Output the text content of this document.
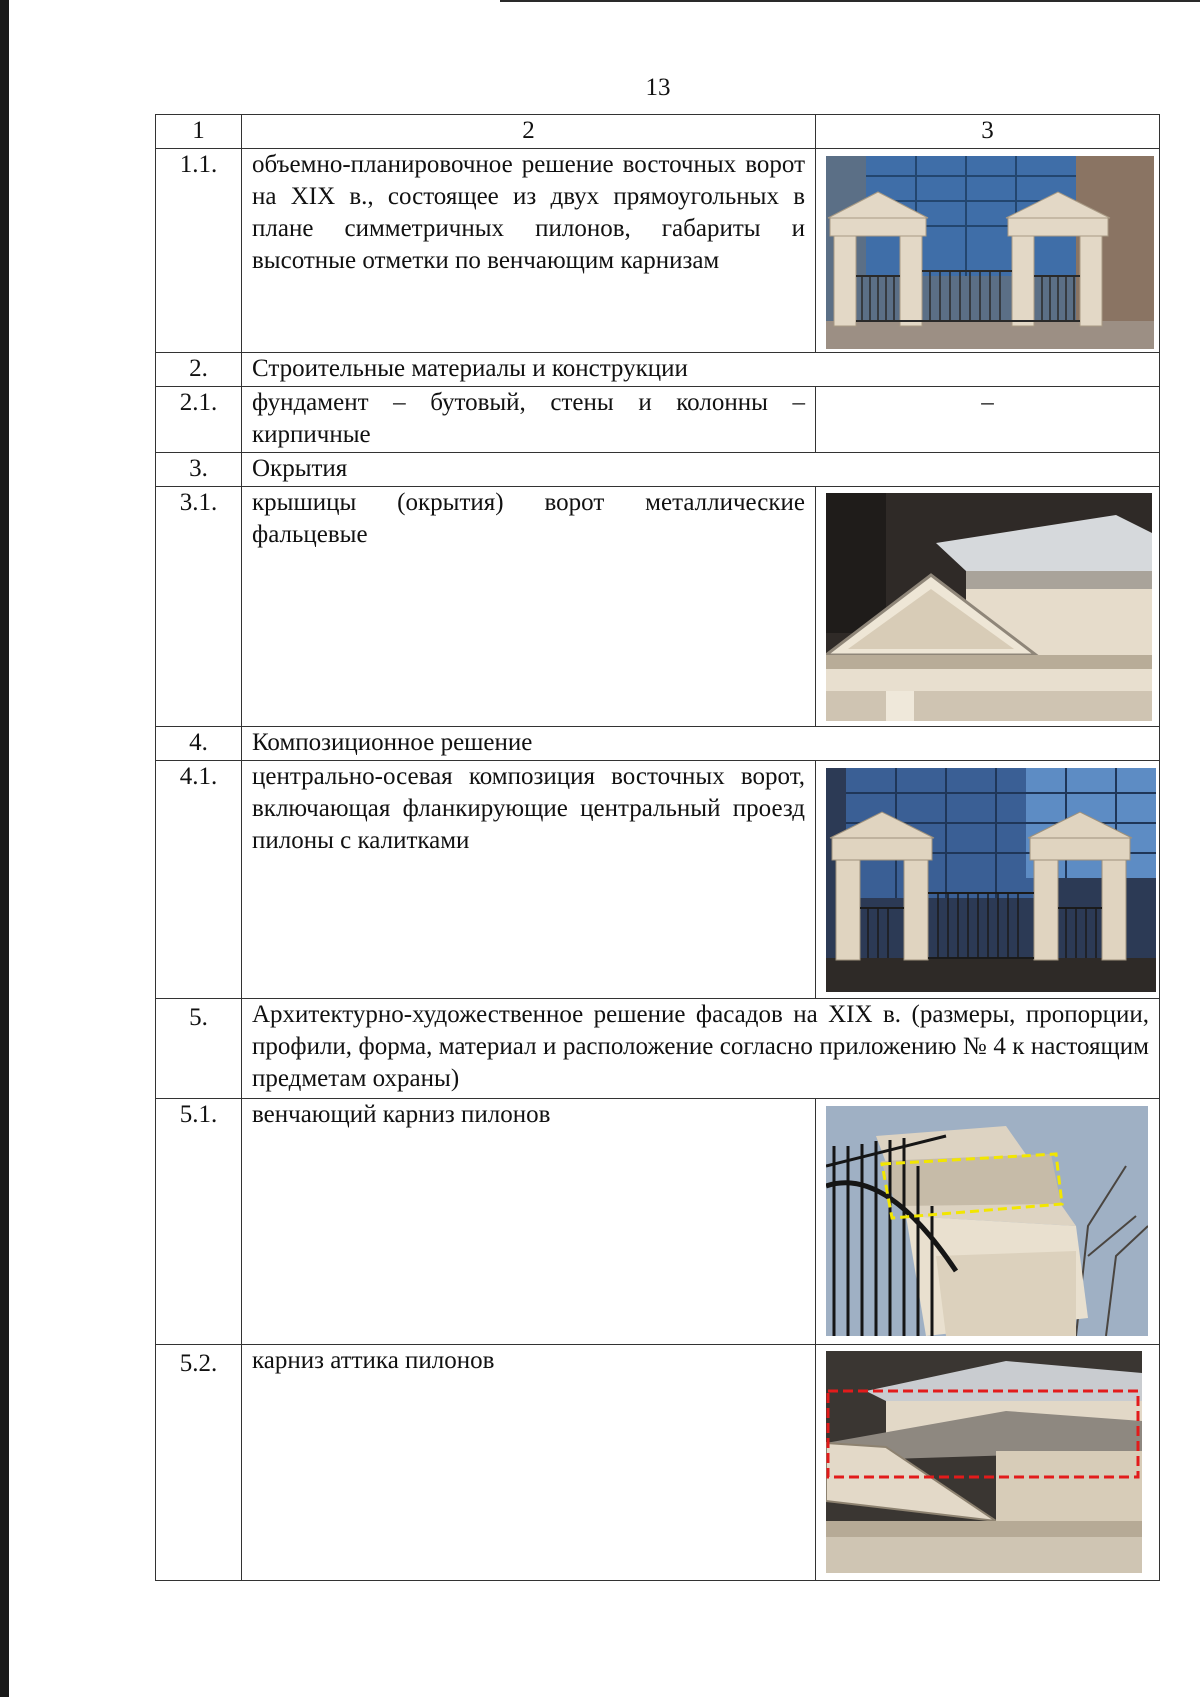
13
1	2	3
1.1.	объемно-планировочное решение восточных ворот на XIX в., состоящее из двух прямоугольных в плане симметричных пилонов, габариты и высотные отметки по венчающим карнизам	

2.	Строительные материалы и конструкции	
2.1.	фундамент – бутовый, стены и колонны – кирпичные	–
3.	Окрытия	
3.1.	крышицы (окрытия) ворот металлические фальцевые	

4.	Композиционное решение	
4.1.	центрально-осевая композиция восточных ворот, включающая фланкирующие центральный проезд пилоны с калитками	

5.	Архитектурно-художественное решение фасадов на XIX в. (размеры, пропорции, профили, форма, материал и расположение согласно приложению № 4 к настоящим предметам охраны)	
5.1.	венчающий карниз пилонов	

5.2.	карниз аттика пилонов	
